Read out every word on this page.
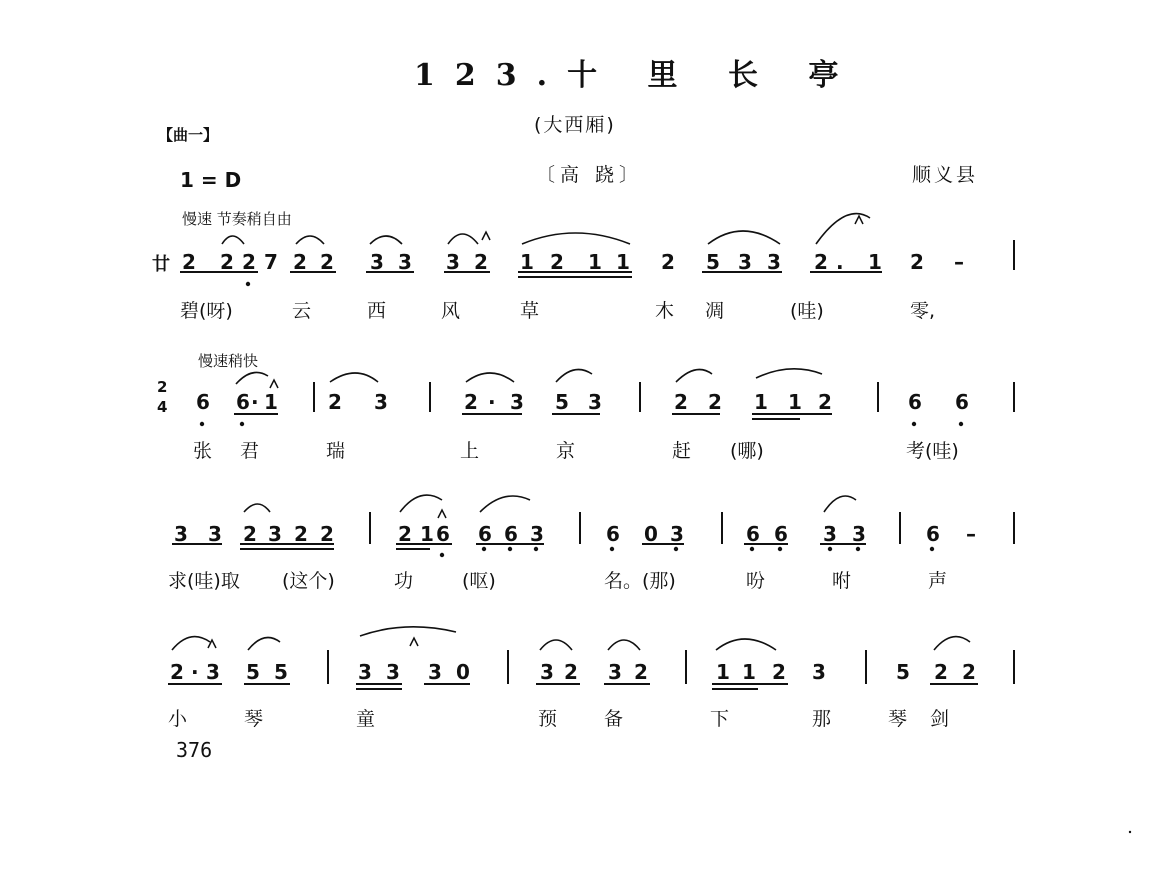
123.十 里 长 亭
(大西厢)
【曲一】
1 = D	〔高 跷〕	顺义县
慢速 节奏稍自由
慢速稍快
廿
2
4
2 2 2 7 2 2 3 3 3 2 1 2 1 1 2 5 3 3 2 . 1 2 –
碧(呀)	云	西	风	草	木 凋	(哇)	零,
6 6 · 1	2 3	2 · 3 5 3	2 2 1 1 2	6 6
张 君	瑞	上	京	赶 (哪)	考(哇)
3 3 2 3 2 2	2 1 6 6 6 3	6 0 3	6 6 3 3	6 –
求(哇)取 (这个)	功	(呕)	名。(那)	吩	咐	声
2 · 3 5 5	3 3 3 0	3 2 3 2	1 1 2 3	5 2 2
小	琴	童	预 备	下	那	琴 剑
376
